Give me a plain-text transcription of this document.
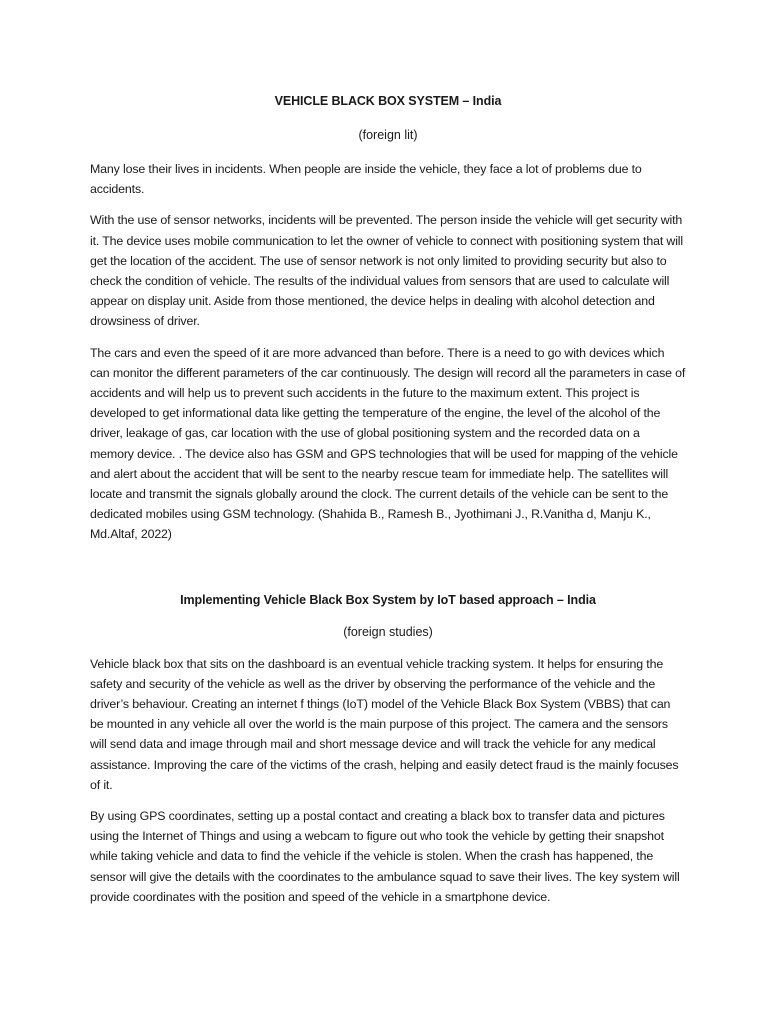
VEHICLE BLACK BOX SYSTEM – India

(foreign lit)

Many lose their lives in incidents. When people are inside the vehicle, they face a lot of problems due to accidents.

With the use of sensor networks, incidents will be prevented. The person inside the vehicle will get security with it. The device uses mobile communication to let the owner of vehicle to connect with positioning system that will get the location of the accident. The use of sensor network is not only limited to providing security but also to check the condition of vehicle. The results of the individual values from sensors that are used to calculate will appear on display unit. Aside from those mentioned, the device helps in dealing with alcohol detection and drowsiness of driver.

The cars and even the speed of it are more advanced than before. There is a need to go with devices which can monitor the different parameters of the car continuously. The design will record all the parameters in case of accidents and will help us to prevent such accidents in the future to the maximum extent. This project is developed to get informational data like getting the temperature of the engine, the level of the alcohol of the driver, leakage of gas, car location with the use of global positioning system and the recorded data on a memory device. . The device also has GSM and GPS technologies that will be used for mapping of the vehicle and alert about the accident that will be sent to the nearby rescue team for immediate help. The satellites will locate and transmit the signals globally around the clock. The current details of the vehicle can be sent to the dedicated mobiles using GSM technology. (Shahida B., Ramesh B., Jyothimani J., R.Vanitha d, Manju K., Md.Altaf, 2022)

Implementing Vehicle Black Box System by IoT based approach – India

(foreign studies)

Vehicle black box that sits on the dashboard is an eventual vehicle tracking system. It helps for ensuring the safety and security of the vehicle as well as the driver by observing the performance of the vehicle and the driver’s behaviour. Creating an internet f things (IoT) model of the Vehicle Black Box System (VBBS) that can be mounted in any vehicle all over the world is the main purpose of this project. The camera and the sensors will send data and image through mail and short message device and will track the vehicle for any medical assistance. Improving the care of the victims of the crash, helping and easily detect fraud is the mainly focuses of it.

By using GPS coordinates, setting up a postal contact and creating a black box to transfer data and pictures using the Internet of Things and using a webcam to figure out who took the vehicle by getting their snapshot while taking vehicle and data to find the vehicle if the vehicle is stolen. When the crash has happened, the sensor will give the details with the coordinates to the ambulance squad to save their lives. The key system will provide coordinates with the position and speed of the vehicle in a smartphone device.
